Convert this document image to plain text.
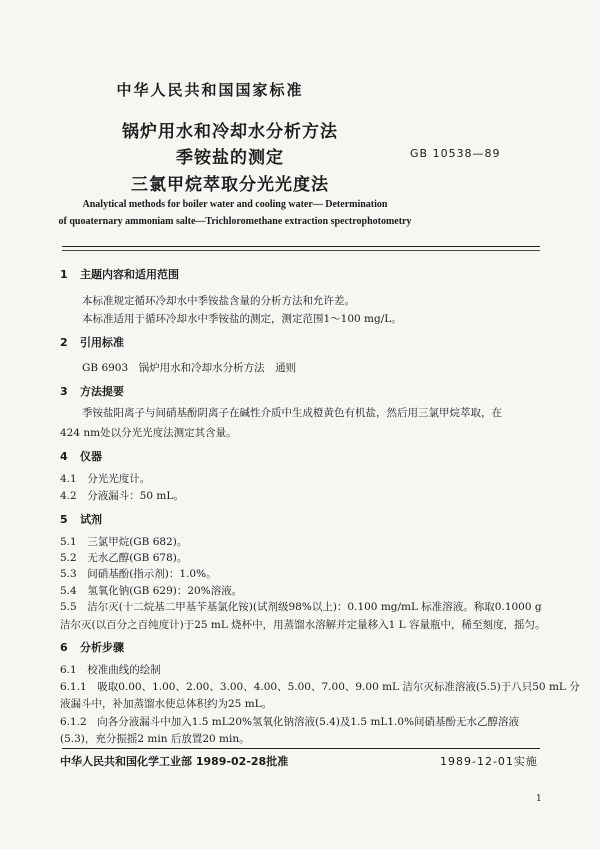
中华人民共和国国家标准
锅炉用水和冷却水分析方法
季铵盐的测定
三氯甲烷萃取分光光度法
GB 10538—89
Analytical methods for boiler water and cooling water— Determination
of quoaternary ammoniam salte—Trichloromethane extraction spectrophotometry
1 主题内容和适用范围
本标准规定循环冷却水中季铵盐含量的分析方法和允许差。
本标准适用于循环冷却水中季铵盐的测定，测定范围1～100 mg/L。
2 引用标准
GB 6903　锅炉用水和冷却水分析方法　通则
3 方法提要
季铵盐阳离子与间硝基酚阴离子在碱性介质中生成橙黄色有机盐，然后用三氯甲烷萃取，在
424 nm处以分光光度法测定其含量。
4 仪器
4.1　分光光度计。
4.2　分液漏斗：50 mL。
5 试剂
5.1　三氯甲烷(GB 682)。
5.2　无水乙醇(GB 678)。
5.3　间硝基酚(指示剂)：1.0%。
5.4　氢氧化钠(GB 629)：20%溶液。
5.5　洁尔灭(十二烷基二甲基苄基氯化铵)(试剂级98%以上)：0.100 mg/mL 标准溶液。称取0.1000 g
洁尔灭(以百分之百纯度计)于25 mL 烧杯中，用蒸馏水溶解并定量移入1 L 容量瓶中，稀至刻度，摇匀。
6 分析步骤
6.1　校准曲线的绘制
6.1.1　吸取0.00、1.00、2.00、3.00、4.00、5.00、7.00、9.00 mL 洁尔灭标准溶液(5.5)于八只50 mL 分
液漏斗中，补加蒸馏水使总体积约为25 mL。
6.1.2　向各分液漏斗中加入1.5 mL20%氢氧化钠溶液(5.4)及1.5 mL1.0%间硝基酚无水乙醇溶液
(5.3)，充分振摇2 min 后放置20 min。
中华人民共和国化学工业部 1989-02-28批准	1989-12-01实施
1
